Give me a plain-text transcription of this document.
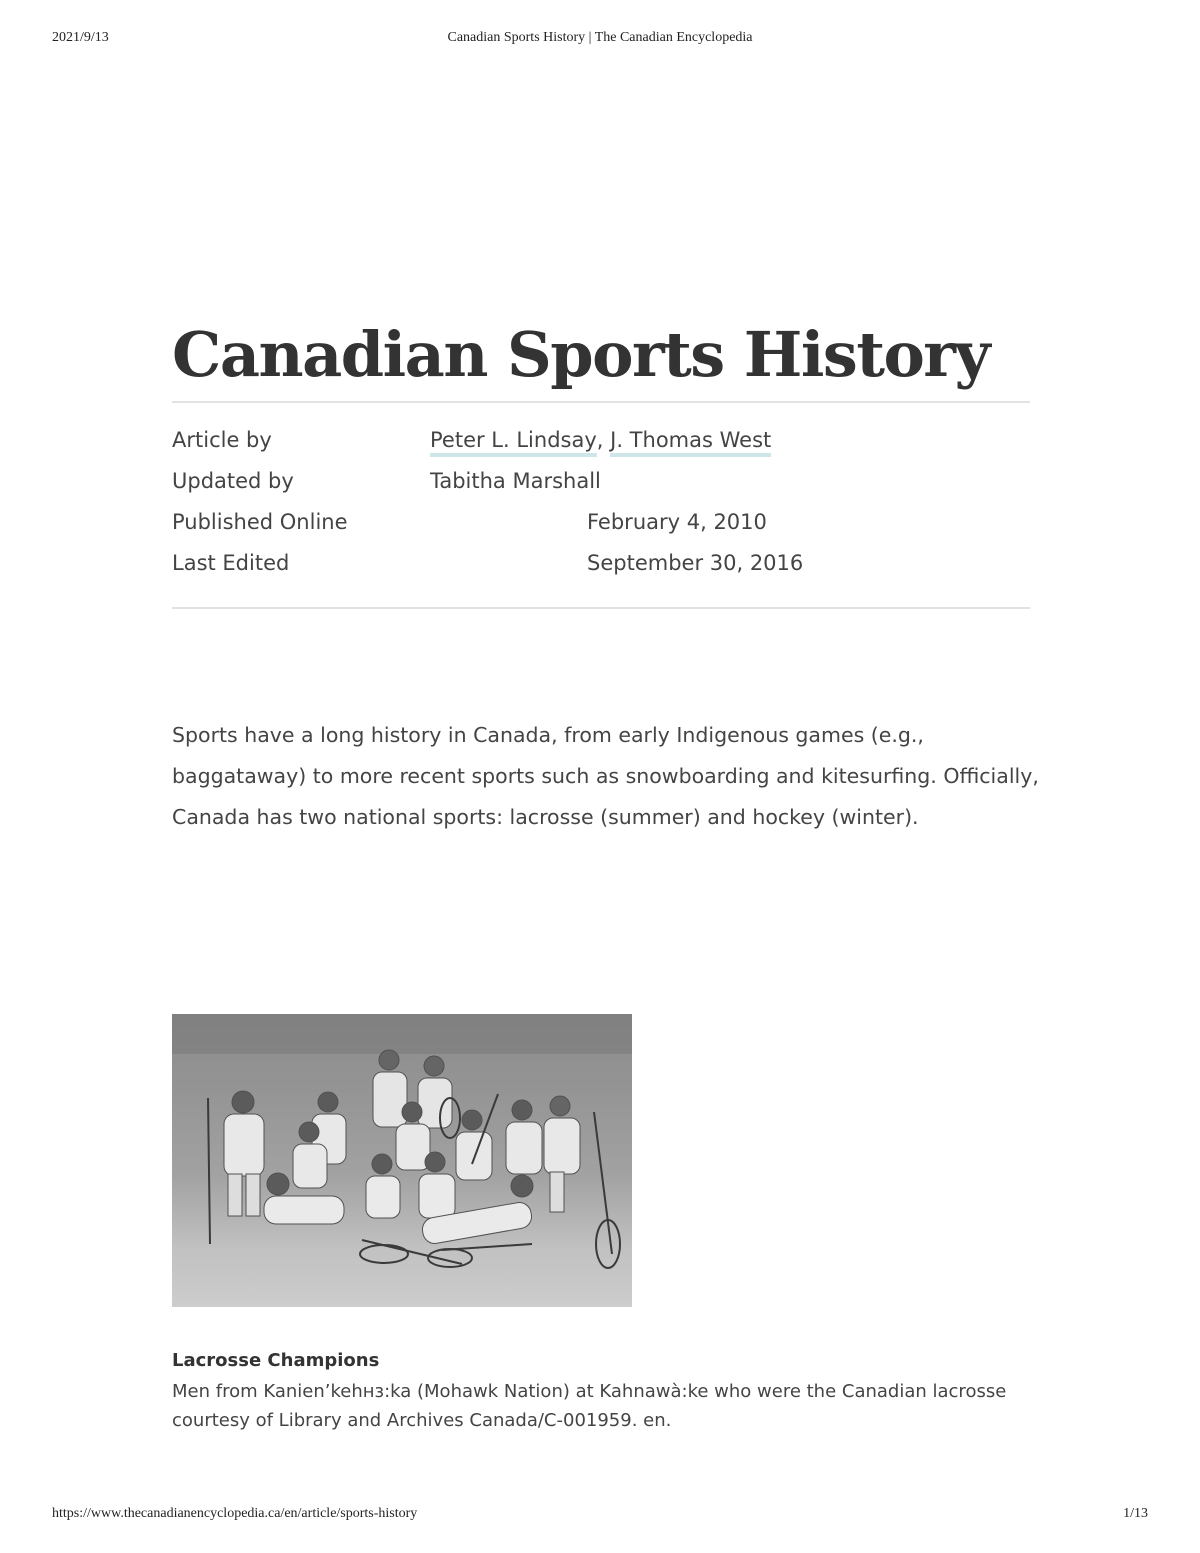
2021/9/13	Canadian Sports History | The Canadian Encyclopedia
Canadian Sports History
Article by	Peter L. Lindsay, J. Thomas West
Updated by	Tabitha Marshall
Published Online	February 4, 2010
Last Edited	September 30, 2016

Sports have a long history in Canada, from early Indigenous games (e.g., baggataway) to more recent sports such as snowboarding and kitesurfing. Officially, Canada has two national sports: lacrosse (summer) and hockey (winter).

Lacrosse Champions

Men from Kanien’kehнз:ka (Mohawk Nation) at Kahnawà:ke who were the Canadian lacrosse courtesy of Library and Archives Canada/C-001959. en.

https://www.thecanadianencyclopedia.ca/en/article/sports-history	1/13
